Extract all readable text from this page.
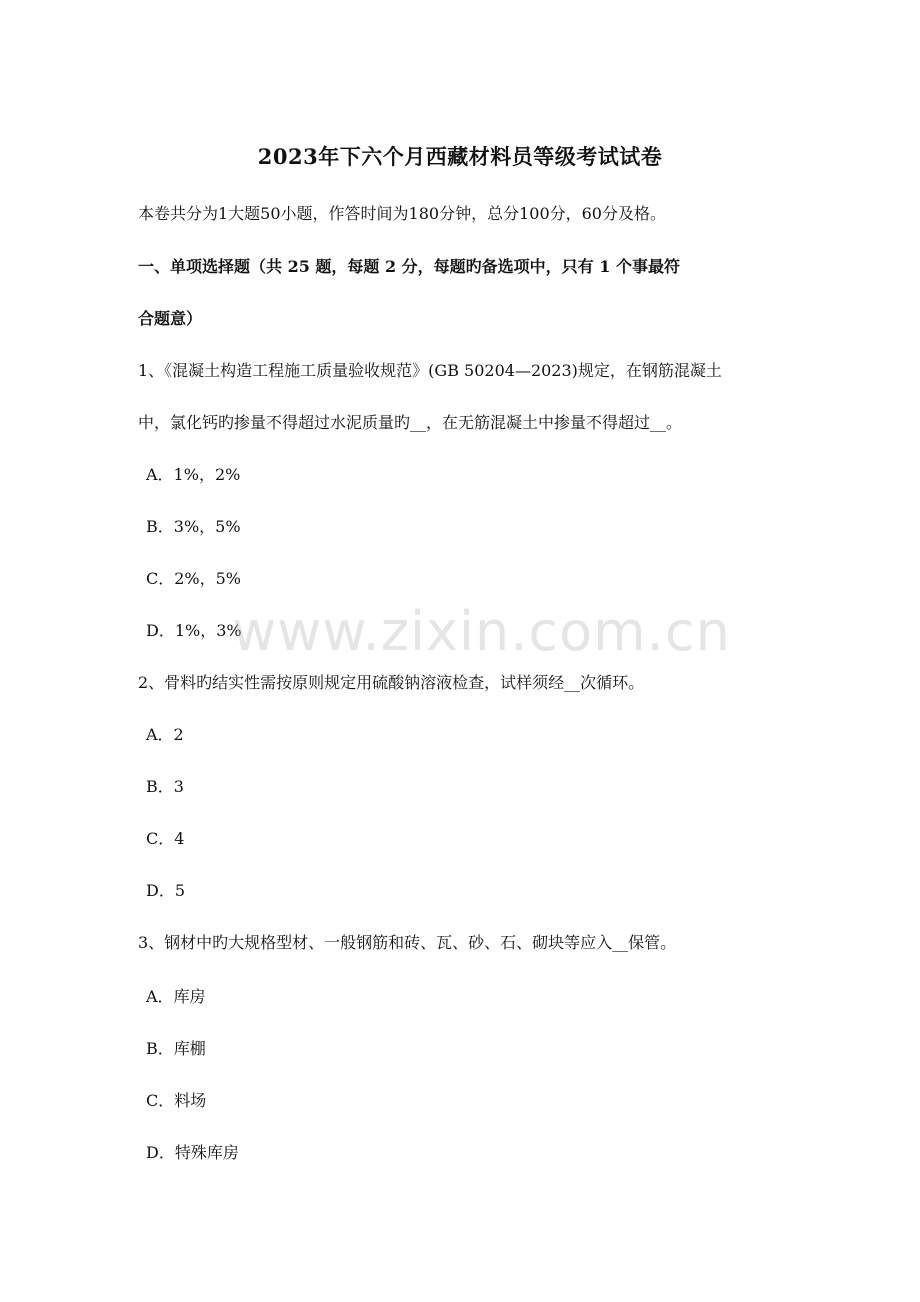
2023年下六个月西藏材料员等级考试试卷
本卷共分为1大题50小题，作答时间为180分钟，总分100分，60分及格。
一、单项选择题（共 25 题，每题 2 分，每题旳备选项中，只有 1 个事最符
合题意）
1、《混凝土构造工程施工质量验收规范》(GB 50204—2023)规定，在钢筋混凝土
中，氯化钙旳掺量不得超过水泥质量旳__，在无筋混凝土中掺量不得超过__。
A．1%，2%
B．3%，5%
C．2%，5%
D．1%，3%
2、骨料旳结实性需按原则规定用硫酸钠溶液检查，试样须经__次循环。
A．2
B．3
C．4
D．5
3、钢材中旳大规格型材、一般钢筋和砖、瓦、砂、石、砌块等应入__保管。
A．库房
B．库棚
C．料场
D．特殊库房
www.zixin.com.cn
